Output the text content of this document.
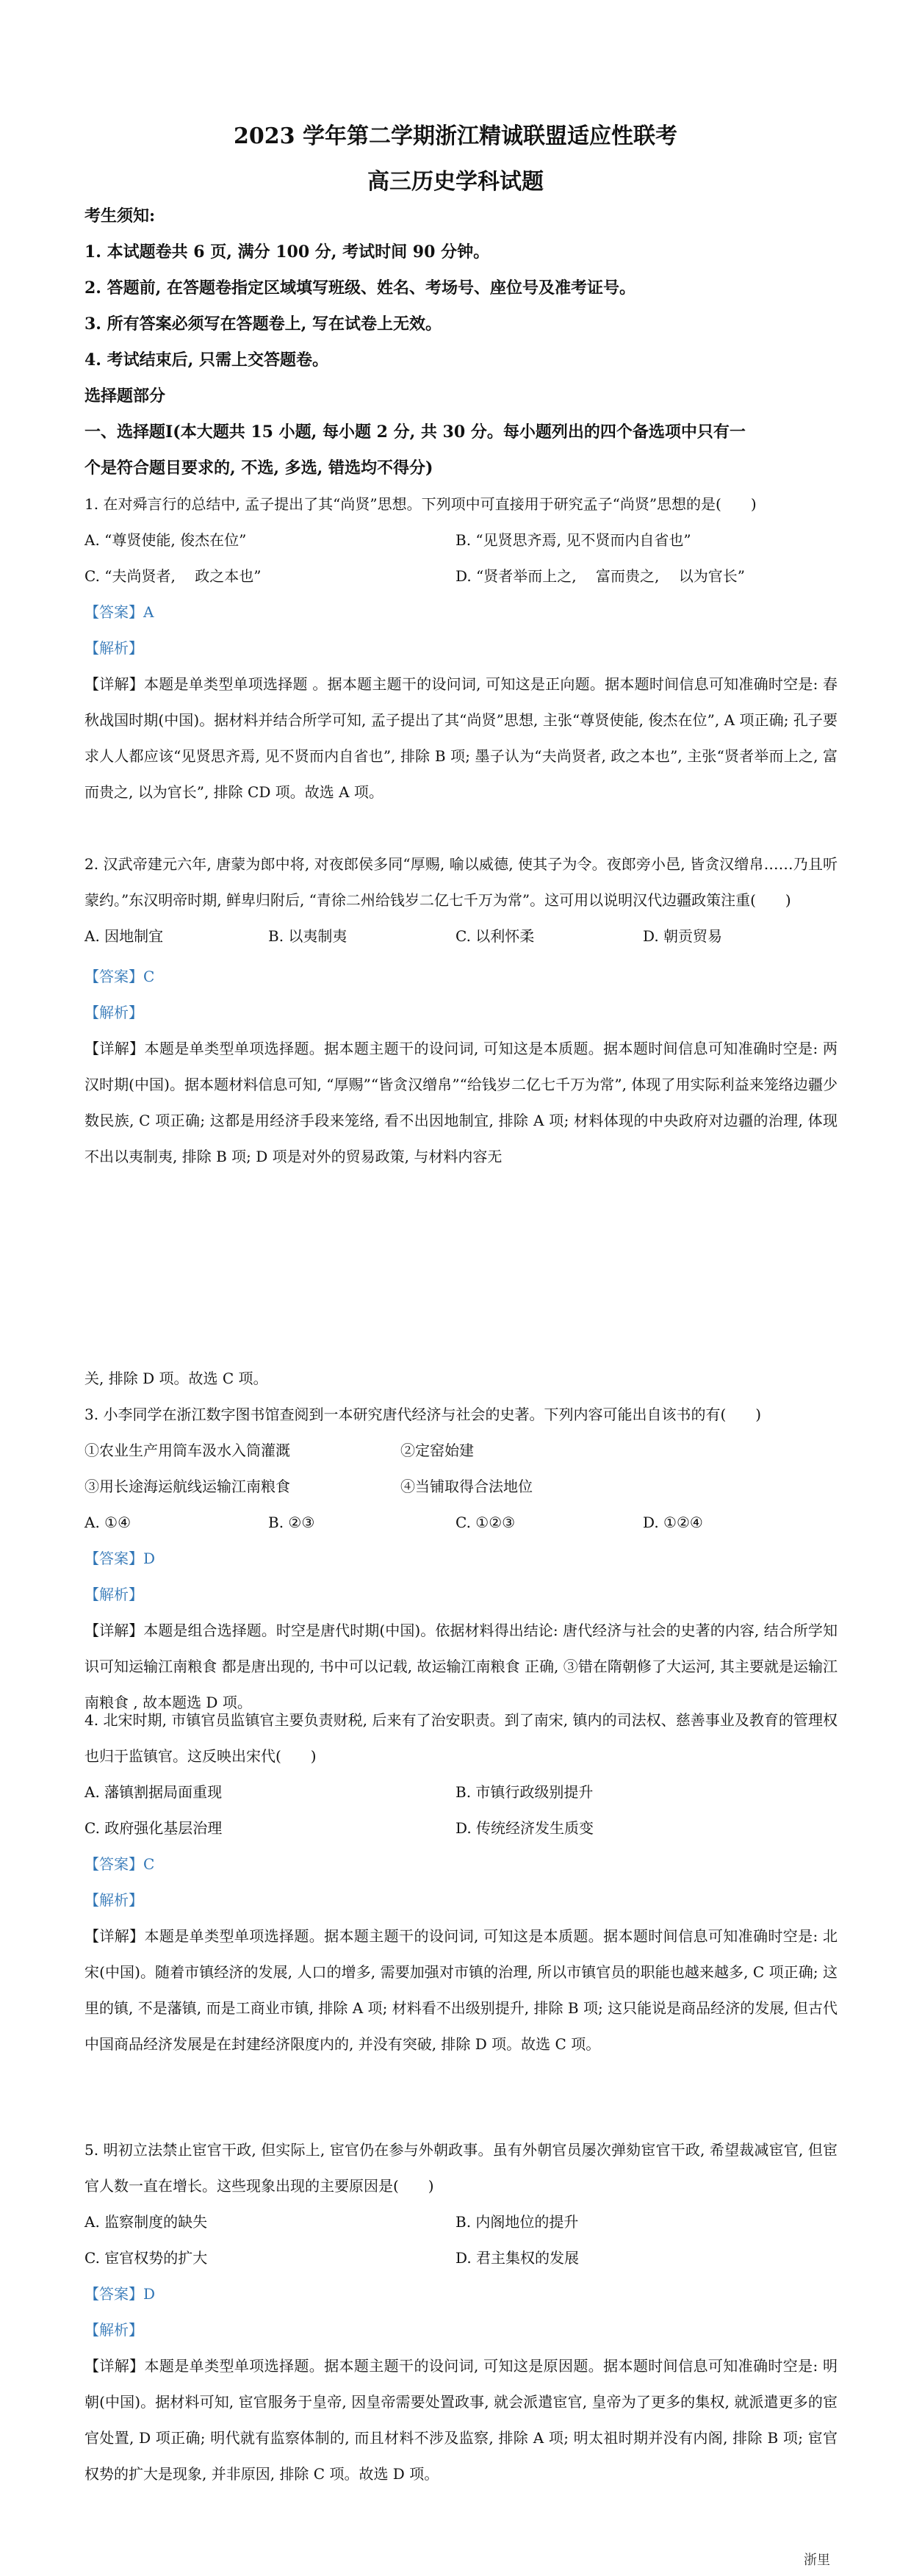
2023 学年第二学期浙江精诚联盟适应性联考
高三历史学科试题

考生须知:

1. 本试题卷共 6 页, 满分 100 分, 考试时间 90 分钟。

2. 答题前, 在答题卷指定区域填写班级、姓名、考场号、座位号及准考证号。

3. 所有答案必须写在答题卷上, 写在试卷上无效。

4. 考试结束后, 只需上交答题卷。

选择题部分

一、选择题Ⅰ(本大题共 15 小题, 每小题 2 分, 共 30 分。每小题列出的四个备选项中只有一

个是符合题目要求的, 不选, 多选, 错选均不得分)

1. 在对舜言行的总结中, 孟子提出了其“尚贤”思想。下列项中可直接用于研究孟子“尚贤”思想的是(　　)

A. “尊贤使能, 俊杰在位”	B. “见贤思齐焉, 见不贤而内自省也”
C. “夫尚贤者, 　政之本也”	D. “贤者举而上之, 　富而贵之, 　以为官长”

【答案】A

【解析】

【详解】本题是单类型单项选择题 。据本题主题干的设问词, 可知这是正向题。据本题时间信息可知准确时空是: 春秋战国时期(中国)。据材料并结合所学可知, 孟子提出了其“尚贤”思想, 主张“尊贤使能, 俊杰在位”, A 项正确; 孔子要求人人都应该“见贤思齐焉, 见不贤而内自省也”, 排除 B 项; 墨子认为“夫尚贤者, 政之本也”, 主张“贤者举而上之, 富而贵之, 以为官长”, 排除 CD 项。故选 A 项。

2. 汉武帝建元六年, 唐蒙为郎中将, 对夜郎侯多同“厚赐, 喻以威德, 使其子为令。夜郎旁小邑, 皆贪汉缯帛……乃且听蒙约。”东汉明帝时期, 鲜卑归附后, “青徐二州给钱岁二亿七千万为常”。这可用以说明汉代边疆政策注重(　　)

A. 因地制宜	B. 以夷制夷	C. 以利怀柔	D. 朝贡贸易

【答案】C

【解析】

【详解】本题是单类型单项选择题。据本题主题干的设问词, 可知这是本质题。据本题时间信息可知准确时空是: 两汉时期(中国)。据本题材料信息可知, “厚赐”“皆贪汉缯帛”“给钱岁二亿七千万为常”, 体现了用实际利益来笼络边疆少数民族, C 项正确; 这都是用经济手段来笼络, 看不出因地制宜, 排除 A 项; 材料体现的中央政府对边疆的治理, 体现不出以夷制夷, 排除 B 项; D 项是对外的贸易政策, 与材料内容无

关, 排除 D 项。故选 C 项。

3. 小李同学在浙江数字图书馆查阅到一本研究唐代经济与社会的史著。下列内容可能出自该书的有(　　)

①农业生产用筒车汲水入筒灌溉	②定窑始建
③用长途海运航线运输江南粮食	④当铺取得合法地位
A. ①④	B. ②③	C. ①②③	D. ①②④

【答案】D

【解析】

【详解】本题是组合选择题。时空是唐代时期(中国)。依据材料得出结论: 唐代经济与社会的史著的内容, 结合所学知识可知运输江南粮食 都是唐出现的, 书中可以记载, 故运输江南粮食 正确, ③错在隋朝修了大运河, 其主要就是运输江南粮食 , 故本题选 D 项。

4. 北宋时期, 市镇官员监镇官主要负责财税, 后来有了治安职责。到了南宋, 镇内的司法权、慈善事业及教育的管理权也归于监镇官。这反映出宋代(　　)

A. 藩镇割据局面重现	B. 市镇行政级别提升
C. 政府强化基层治理	D. 传统经济发生质变

【答案】C

【解析】

【详解】本题是单类型单项选择题。据本题主题干的设问词, 可知这是本质题。据本题时间信息可知准确时空是: 北宋(中国)。随着市镇经济的发展, 人口的增多, 需要加强对市镇的治理, 所以市镇官员的职能也越来越多, C 项正确; 这里的镇, 不是藩镇, 而是工商业市镇, 排除 A 项; 材料看不出级别提升, 排除 B 项; 这只能说是商品经济的发展, 但古代中国商品经济发展是在封建经济限度内的, 并没有突破, 排除 D 项。故选 C 项。

5. 明初立法禁止宦官干政, 但实际上, 宦官仍在参与外朝政事。虽有外朝官员屡次弹劾宦官干政, 希望裁减宦官, 但宦官人数一直在增长。这些现象出现的主要原因是(　　)

A. 监察制度的缺失	B. 内阁地位的提升
C. 宦官权势的扩大	D. 君主集权的发展

【答案】D

【解析】

【详解】本题是单类型单项选择题。据本题主题干的设问词, 可知这是原因题。据本题时间信息可知准确时空是: 明朝(中国)。据材料可知, 宦官服务于皇帝, 因皇帝需要处置政事, 就会派遣宦官, 皇帝为了更多的集权, 就派遣更多的宦官处置, D 项正确; 明代就有监察体制的, 而且材料不涉及监察, 排除 A 项; 明太祖时期并没有内阁, 排除 B 项; 宦官权势的扩大是现象, 并非原因, 排除 C 项。故选 D 项。

浙里
